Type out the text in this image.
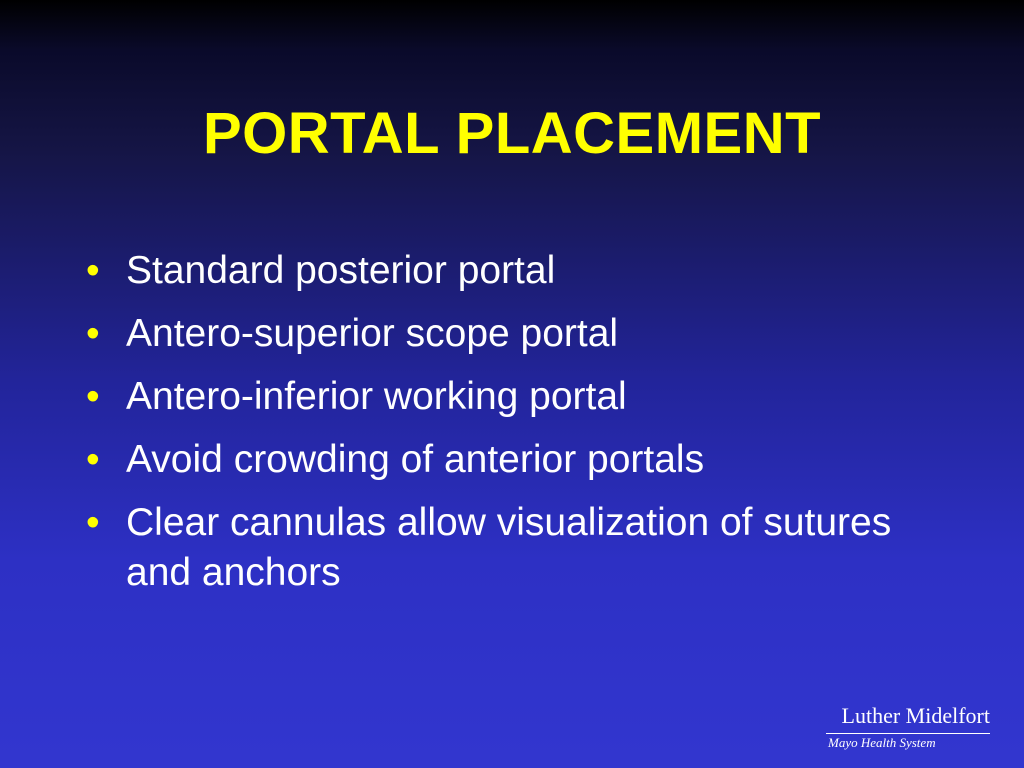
PORTAL PLACEMENT
• Standard posterior portal
• Antero-superior scope portal
• Antero-inferior working portal
• Avoid crowding of anterior portals
• Clear cannulas allow visualization of sutures and anchors
Luther Midelfort
Mayo Health System
